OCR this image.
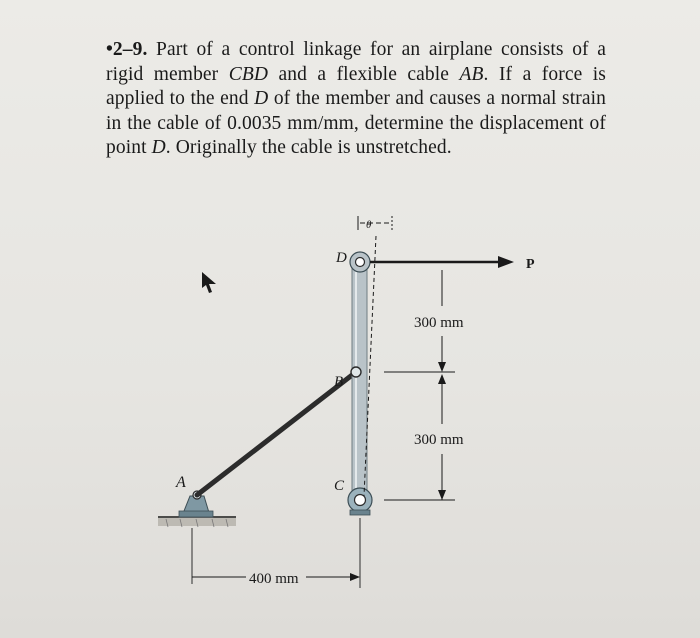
•2–9. Part of a control linkage for an airplane consists of a rigid member CBD and a flexible cable AB. If a force is applied to the end D of the member and causes a normal strain in the cable of 0.0035 mm/mm, determine the displacement of point D. Originally the cable is unstretched.
A
B
C
D	P
θ
300 mm
300 mm
400 mm
